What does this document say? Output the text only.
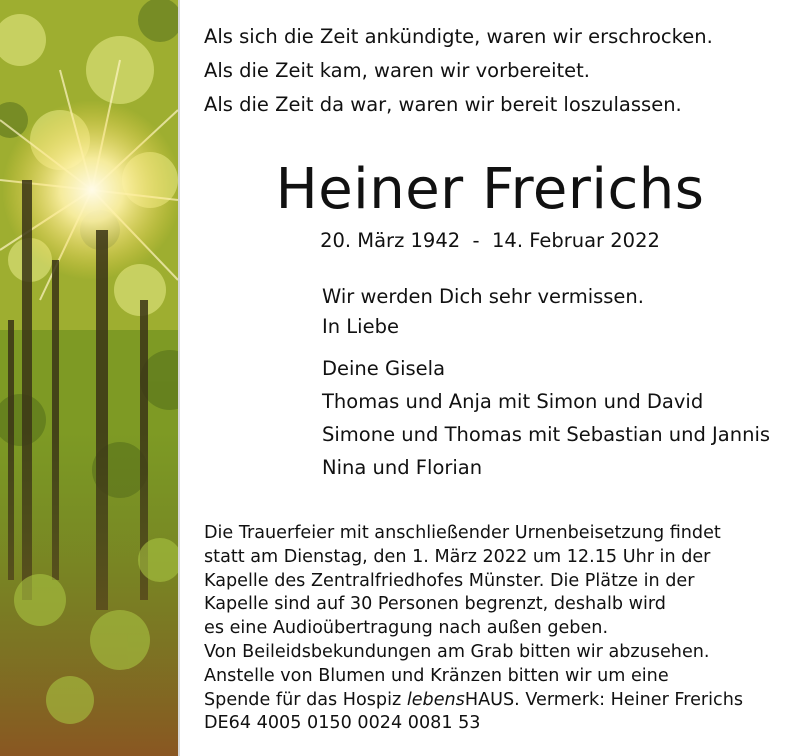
Als sich die Zeit ankündigte, waren wir erschrocken.
Als die Zeit kam, waren wir vorbereitet.
Als die Zeit da war, waren wir bereit loszulassen.
Heiner Frerichs
20. März 1942 - 14. Februar 2022
Wir werden Dich sehr vermissen.
In Liebe
Deine Gisela
Thomas und Anja mit Simon und David
Simone und Thomas mit Sebastian und Jannis
Nina und Florian
Die Trauerfeier mit anschließender Urnenbeisetzung findet
statt am Dienstag, den 1. März 2022 um 12.15 Uhr in der
Kapelle des Zentralfriedhofes Münster. Die Plätze in der
Kapelle sind auf 30 Personen begrenzt, deshalb wird
es eine Audioübertragung nach außen geben.
Von Beileidsbekundungen am Grab bitten wir abzusehen.
Anstelle von Blumen und Kränzen bitten wir um eine
Spende für das Hospiz lebensHAUS. Vermerk: Heiner Frerichs
DE64 4005 0150 0024 0081 53
